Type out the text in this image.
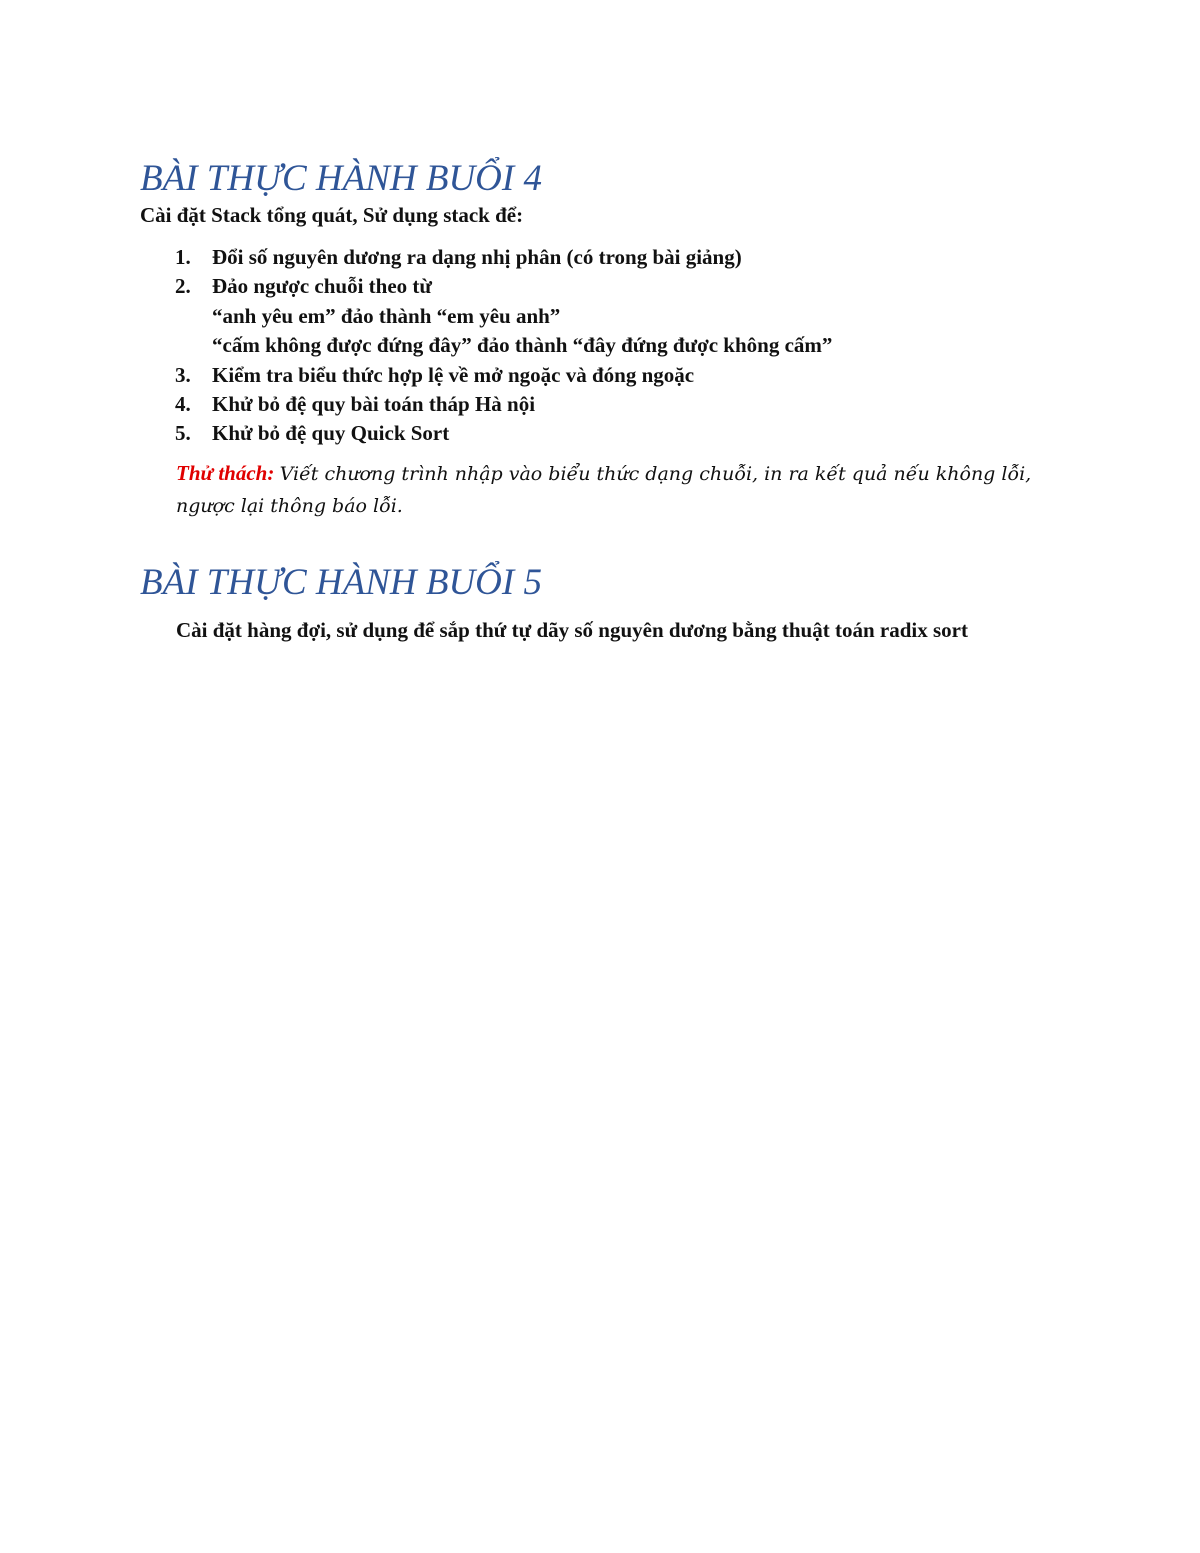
BÀI THỰC HÀNH BUỔI 4

Cài đặt Stack tổng quát, Sử dụng stack để:

1. Đổi số nguyên dương ra dạng nhị phân (có trong bài giảng)
2. Đảo ngược chuỗi theo từ
“anh yêu em” đảo thành “em yêu anh”
“cấm không được đứng đây” đảo thành “đây đứng được không cấm”
3. Kiểm tra biểu thức hợp lệ về mở ngoặc và đóng ngoặc
4. Khử bỏ đệ quy bài toán tháp Hà nội
5. Khử bỏ đệ quy Quick Sort

Thử thách: Viết chương trình nhập vào biểu thức dạng chuỗi, in ra kết quả nếu không lỗi, ngược lại thông báo lỗi.

BÀI THỰC HÀNH BUỔI 5

Cài đặt hàng đợi, sử dụng để sắp thứ tự dãy số nguyên dương bằng thuật toán radix sort
